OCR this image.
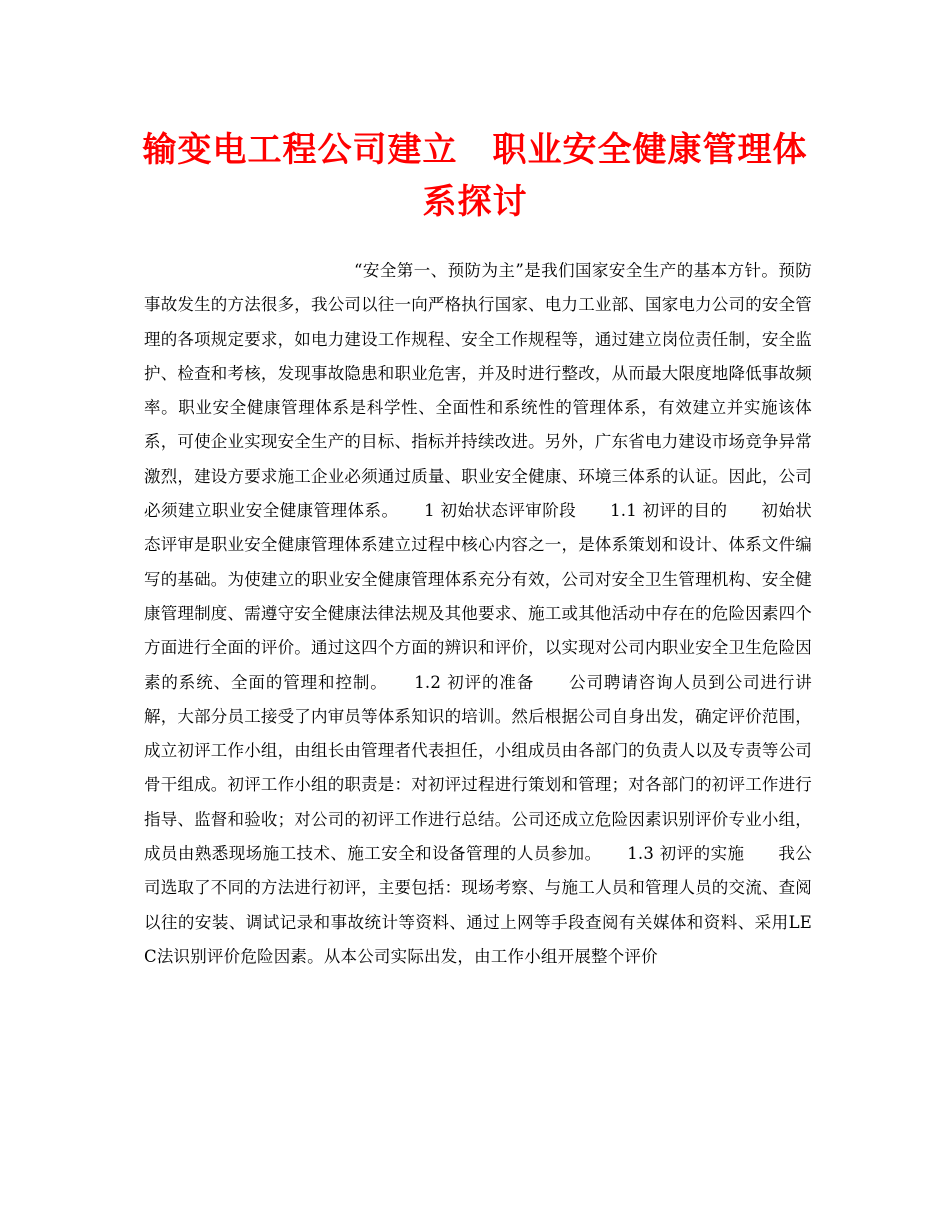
输变电工程公司建立　职业安全健康管理体
系探讨

“安全第一、预防为主”是我们国家安全生产的基本方针。预防事故发生的方法很多，我公司以往一向严格执行国家、电力工业部、国家电力公司的安全管理的各项规定要求，如电力建设工作规程、安全工作规程等，通过建立岗位责任制，安全监护、检查和考核，发现事故隐患和职业危害，并及时进行整改，从而最大限度地降低事故频率。职业安全健康管理体系是科学性、全面性和系统性的管理体系，有效建立并实施该体系，可使企业实现安全生产的目标、指标并持续改进。另外，广东省电力建设市场竞争异常激烈，建设方要求施工企业必须通过质量、职业安全健康、环境三体系的认证。因此，公司必须建立职业安全健康管理体系。　　1 初始状态评审阶段　　1.1 初评的目的　　初始状态评审是职业安全健康管理体系建立过程中核心内容之一，是体系策划和设计、体系文件编写的基础。为使建立的职业安全健康管理体系充分有效，公司对安全卫生管理机构、安全健康管理制度、需遵守安全健康法律法规及其他要求、施工或其他活动中存在的危险因素四个方面进行全面的评价。通过这四个方面的辨识和评价，以实现对公司内职业安全卫生危险因素的系统、全面的管理和控制。　　1.2 初评的准备　　公司聘请咨询人员到公司进行讲解，大部分员工接受了内审员等体系知识的培训。然后根据公司自身出发，确定评价范围，成立初评工作小组，由组长由管理者代表担任，小组成员由各部门的负责人以及专责等公司骨干组成。初评工作小组的职责是：对初评过程进行策划和管理；对各部门的初评工作进行指导、监督和验收；对公司的初评工作进行总结。公司还成立危险因素识别评价专业小组，成员由熟悉现场施工技术、施工安全和设备管理的人员参加。　　1.3 初评的实施　　我公司选取了不同的方法进行初评，主要包括：现场考察、与施工人员和管理人员的交流、查阅以往的安装、调试记录和事故统计等资料、通过上网等手段查阅有关媒体和资料、采用LEC法识别评价危险因素。从本公司实际出发，由工作小组开展整个评价
